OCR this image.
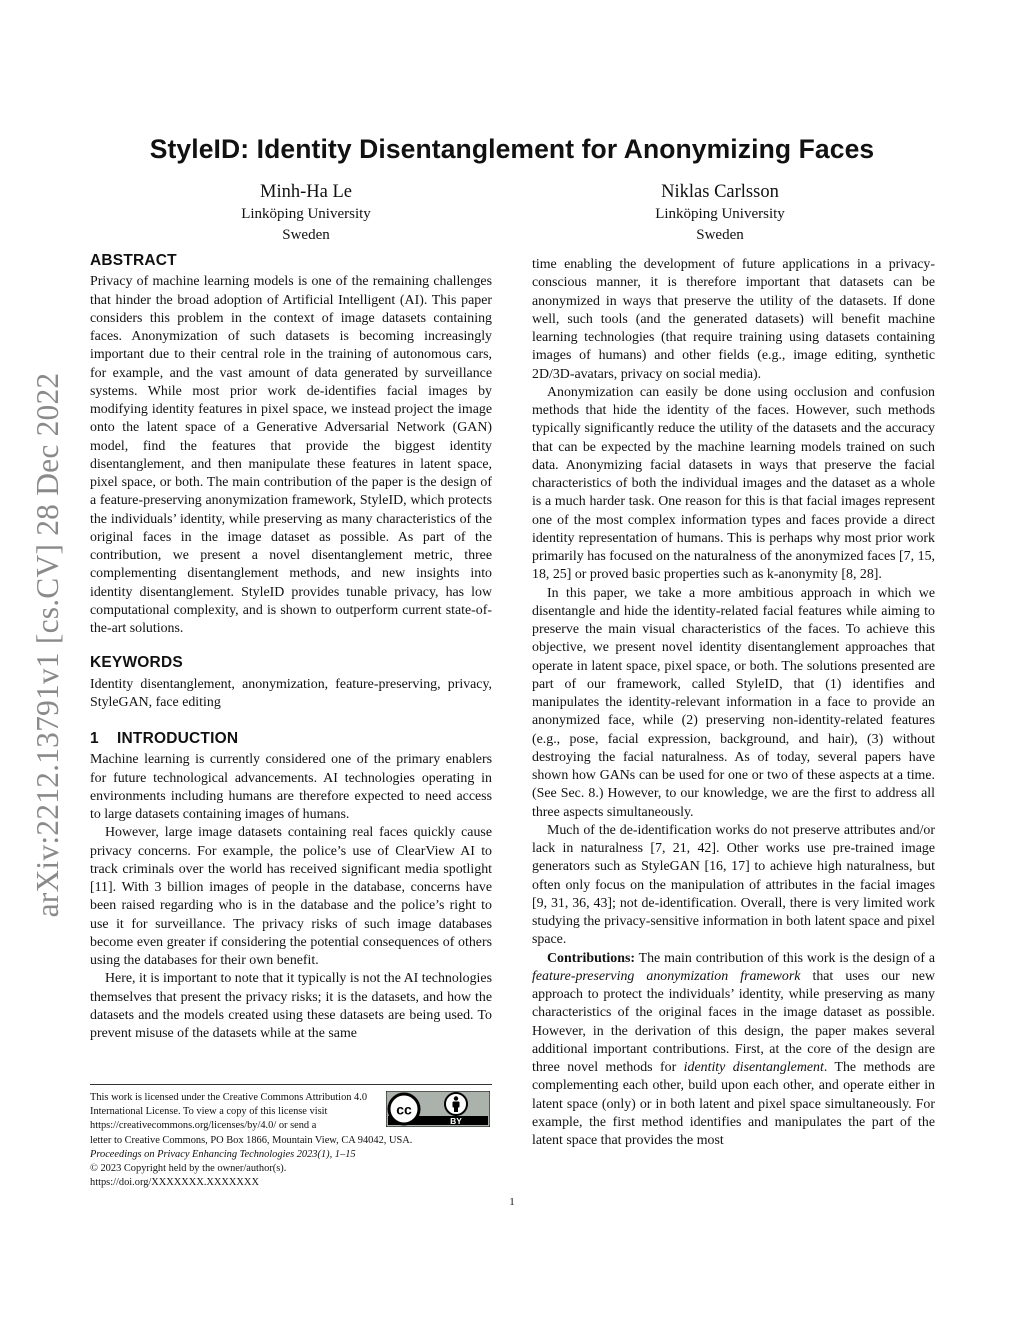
arXiv:2212.13791v1 [cs.CV] 28 Dec 2022
StyleID: Identity Disentanglement for Anonymizing Faces
Minh-Ha Le
Linköping University
Sweden
Niklas Carlsson
Linköping University
Sweden
ABSTRACT

Privacy of machine learning models is one of the remaining challenges that hinder the broad adoption of Artificial Intelligent (AI). This paper considers this problem in the context of image datasets containing faces. Anonymization of such datasets is becoming increasingly important due to their central role in the training of autonomous cars, for example, and the vast amount of data generated by surveillance systems. While most prior work de-identifies facial images by modifying identity features in pixel space, we instead project the image onto the latent space of a Generative Adversarial Network (GAN) model, find the features that provide the biggest identity disentanglement, and then manipulate these features in latent space, pixel space, or both. The main contribution of the paper is the design of a feature-preserving anonymization framework, StyleID, which protects the individuals’ identity, while preserving as many characteristics of the original faces in the image dataset as possible. As part of the contribution, we present a novel disentanglement metric, three complementing disentanglement methods, and new insights into identity disentanglement. StyleID provides tunable privacy, has low computational complexity, and is shown to outperform current state-of-the-art solutions.

KEYWORDS

Identity disentanglement, anonymization, feature-preserving, privacy, StyleGAN, face editing

1 INTRODUCTION

Machine learning is currently considered one of the primary enablers for future technological advancements. AI technologies operating in environments including humans are therefore expected to need access to large datasets containing images of humans.

However, large image datasets containing real faces quickly cause privacy concerns. For example, the police’s use of ClearView AI to track criminals over the world has received significant media spotlight [11]. With 3 billion images of people in the database, concerns have been raised regarding who is in the database and the police’s right to use it for surveillance. The privacy risks of such image databases become even greater if considering the potential consequences of others using the databases for their own benefit.

Here, it is important to note that it typically is not the AI technologies themselves that present the privacy risks; it is the datasets, and how the datasets and the models created using these datasets are being used. To prevent misuse of the datasets while at the same

time enabling the development of future applications in a privacy-conscious manner, it is therefore important that datasets can be anonymized in ways that preserve the utility of the datasets. If done well, such tools (and the generated datasets) will benefit machine learning technologies (that require training using datasets containing images of humans) and other fields (e.g., image editing, synthetic 2D/3D-avatars, privacy on social media).

Anonymization can easily be done using occlusion and confusion methods that hide the identity of the faces. However, such methods typically significantly reduce the utility of the datasets and the accuracy that can be expected by the machine learning models trained on such data. Anonymizing facial datasets in ways that preserve the facial characteristics of both the individual images and the dataset as a whole is a much harder task. One reason for this is that facial images represent one of the most complex information types and faces provide a direct identity representation of humans. This is perhaps why most prior work primarily has focused on the naturalness of the anonymized faces [7, 15, 18, 25] or proved basic properties such as k-anonymity [8, 28].

In this paper, we take a more ambitious approach in which we disentangle and hide the identity-related facial features while aiming to preserve the main visual characteristics of the faces. To achieve this objective, we present novel identity disentanglement approaches that operate in latent space, pixel space, or both. The solutions presented are part of our framework, called StyleID, that (1) identifies and manipulates the identity-relevant information in a face to provide an anonymized face, while (2) preserving non-identity-related features (e.g., pose, facial expression, background, and hair), (3) without destroying the facial naturalness. As of today, several papers have shown how GANs can be used for one or two of these aspects at a time. (See Sec. 8.) However, to our knowledge, we are the first to address all three aspects simultaneously.

Much of the de-identification works do not preserve attributes and/or lack in naturalness [7, 21, 42]. Other works use pre-trained image generators such as StyleGAN [16, 17] to achieve high naturalness, but often only focus on the manipulation of attributes in the facial images [9, 31, 36, 43]; not de-identification. Overall, there is very limited work studying the privacy-sensitive information in both latent space and pixel space.

Contributions: The main contribution of this work is the design of a feature-preserving anonymization framework that uses our new approach to protect the individuals’ identity, while preserving as many characteristics of the original faces in the image dataset as possible. However, in the derivation of this design, the paper makes several additional important contributions. First, at the core of the design are three novel methods for identity disentanglement. The methods are complementing each other, build upon each other, and operate either in latent space (only) or in both latent and pixel space simultaneously. For example, the first method identifies and manipulates the part of the latent space that provides the most

This work is licensed under the Creative Commons Attribution 4.0 International License. To view a copy of this license visit https://creativecommons.org/licenses/by/4.0/ or send a
cc
BY
letter to Creative Commons, PO Box 1866, Mountain View, CA 94042, USA.
Proceedings on Privacy Enhancing Technologies 2023(1), 1–15
© 2023 Copyright held by the owner/author(s).
https://doi.org/XXXXXXX.XXXXXXX
1
